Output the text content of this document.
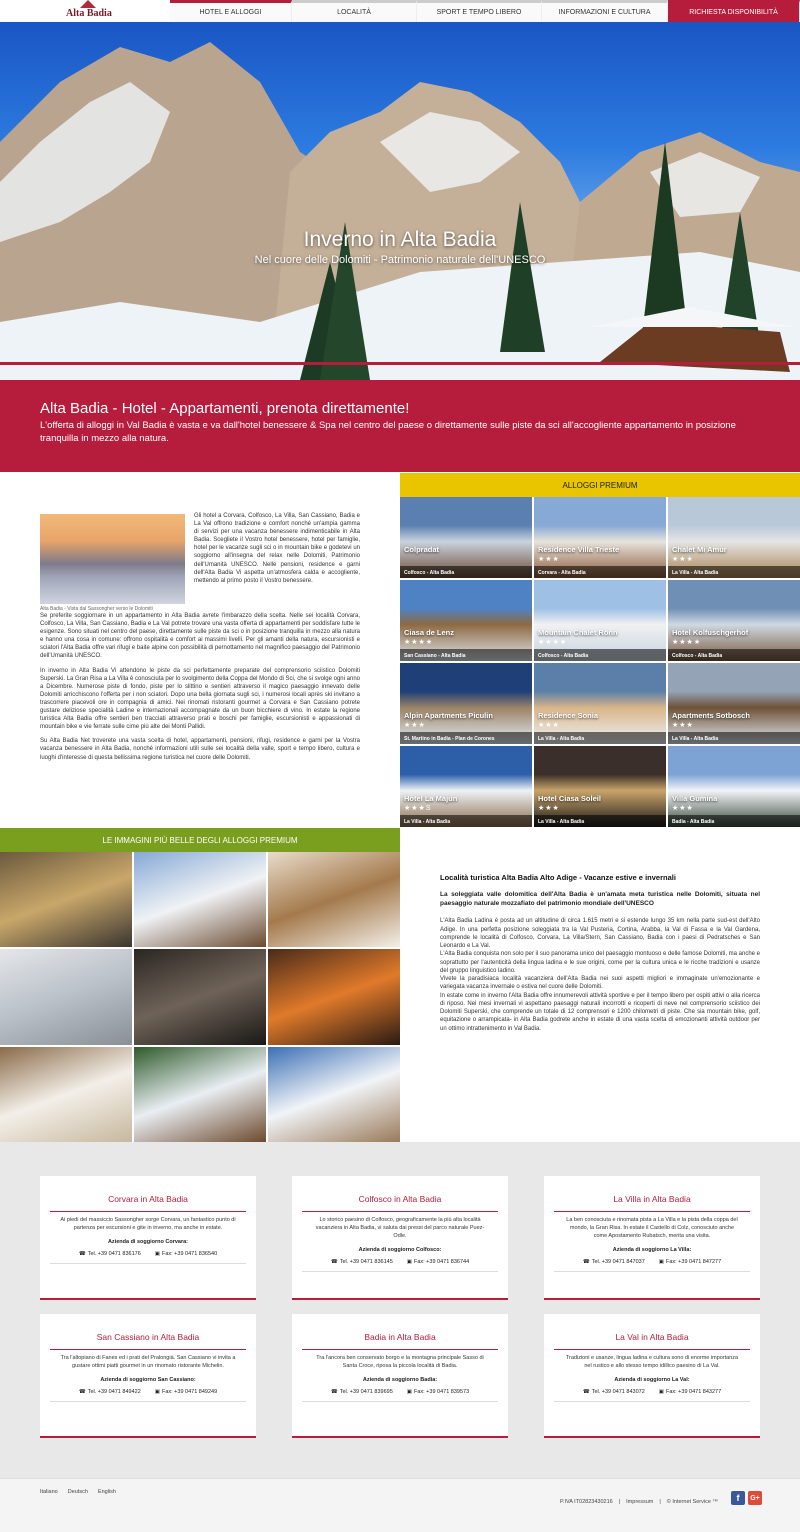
Alta Badia	HOTEL E ALLOGGI	LOCALITÀ	SPORT E TEMPO LIBERO	INFORMAZIONI E CULTURA	RICHIESTA DISPONIBILITÀ
Inverno in Alta Badia
Nel cuore delle Dolomiti - Patrimonio naturale dell'UNESCO
Alta Badia - Hotel - Appartamenti, prenota direttamente!

L'offerta di alloggi in Val Badia è vasta e va dall'hotel benessere & Spa nel centro del paese o direttamente sulle piste da sci all'accogliente appartamento in posizione tranquilla in mezzo alla natura.

Alta Badia - Vista dal Sassongher verso le Dolomiti
Gli hotel a Corvara, Colfosco, La Villa, San Cassiano, Badia e La Val offrono tradizione e comfort nonché un'ampia gamma di servizi per una vacanza benessere indimenticabile in Alta Badia. Scegliete il Vostro hotel benessere, hotel per famiglie, hotel per le vacanze sugli sci o in mountain bike e godetevi un soggiorno all'insegna del relax nelle Dolomiti, Patrimonio dell'Umanità UNESCO. Nelle pensioni, residence e garni dell'Alta Badia Vi aspetta un'atmosfera calda e accogliente, mettendo al primo posto il Vostro benessere.

Se preferite soggiornare in un appartamento in Alta Badia avrete l'imbarazzo della scelta. Nelle sei località Corvara, Colfosco, La Villa, San Cassiano, Badia e La Val potrete trovare una vasta offerta di appartamenti per soddisfare tutte le esigenze. Sono situati nel centro del paese, direttamente sulle piste da sci o in posizione tranquilla in mezzo alla natura e hanno una cosa in comune: offrono ospitalità e comfort ai massimi livelli. Per gli amanti della natura, escursionisti e sciatori l'Alta Badia offre vari rifugi e baite alpine con possibilità di pernottamento nel magnifico paesaggio del Patrimonio dell'Umanità UNESCO.

In inverno in Alta Badia Vi attendono le piste da sci perfettamente preparate del comprensorio sciistico Dolomiti Superski. La Gran Risa a La Villa è conosciuta per lo svolgimento della Coppa del Mondo di Sci, che si svolge ogni anno a Dicembre. Numerose piste di fondo, piste per lo slittino e sentieri attraverso il magico paesaggio innevato delle Dolomiti arricchiscono l'offerta per i non sciatori. Dopo una bella giornata sugli sci, i numerosi locali après ski invitano a trascorrere piacevoli ore in compagnia di amici. Nei rinomati ristoranti gourmet a Corvara e San Cassiano potrete gustare deliziose specialità Ladine e internazionali accompagnate da un buon bicchiere di vino. In estate la regione turistica Alta Badia offre sentieri ben tracciati attraverso prati e boschi per famiglie, escursionisti e appassionati di mountain bike e vie ferrate sulle cime più alte dei Monti Pallidi.

Su Alta Badia Net troverete una vasta scelta di hotel, appartamenti, pensioni, rifugi, residence e garni per la Vostra vacanza benessere in Alta Badia, nonché informazioni utili sulle sei località della valle, sport e tempo libero, cultura e luoghi d'interesse di questa bellissima regione turistica nel cuore delle Dolomiti.

ALLOGGI PREMIUM
Colpradat
Colfosco - Alta Badia
Residence Villa Trieste
★★★
Corvara - Alta Badia
Chalet Mi Amur
★★★
La Villa - Alta Badia
Ciasa de Lenz
★★★★
San Cassiano - Alta Badia
Mountain Chalet Rönn
★★★★
Colfosco - Alta Badia
Hotel Kolfuschgerhof
★★★★
Colfosco - Alta Badia
Alpin Apartments Piculin
★★★
St. Martino in Badia - Plan de Corones
Residence Sonia
★★★
La Villa - Alta Badia
Apartments Sotbosch
★★★
La Villa - Alta Badia
Hotel La Majun
★★★S
La Villa - Alta Badia
Hotel Ciasa Soleil
★★★
La Villa - Alta Badia
Villa Gumina
★★★
Badia - Alta Badia
LE IMMAGINI PIÙ BELLE DEGLI ALLOGGI PREMIUM
Località turistica Alta Badia Alto Adige - Vacanze estive e invernali
La soleggiata valle dolomitica dell'Alta Badia è un'amata meta turistica nelle Dolomiti, situata nel paesaggio naturale mozzafiato del patrimonio mondiale dell'UNESCO
L'Alta Badia Ladina è posta ad un altitudine di circa 1.615 metri e si estende lungo 35 km nella parte sud-est dell'Alto Adige. In una perfetta posizione soleggiata tra la Val Pusteria, Cortina, Arabba, la Val di Fassa e la Val Gardena, comprende le località di Colfosco, Corvara, La Villa/Stern, San Cassiano, Badia con i paesi di Pedratsches e San Leonardo e La Val.
L'Alta Badia conquista non solo per il suo panorama unico del paesaggio montuoso e delle famose Dolomiti, ma anche e soprattutto per l'autenticità della lingua ladina e le sue origini, come per la cultura unica e le ricche tradizioni e usanze del gruppo linguistico ladino.
Vivete la paradisiaca località vacanziera dell'Alta Badia nei suoi aspetti migliori e immaginate un'emozionante e variegata vacanza invernale o estiva nel cuore delle Dolomiti.
In estate come in inverno l'Alta Badia offre innumerevoli attività sportive e per il tempo libero per ospiti attivi o alla ricerca di riposo. Nei mesi invernali vi aspettano paesaggi naturali incorrotti e ricoperti di neve nel comprensorio sciistico dei Dolomiti Superski, che comprende un totale di 12 comprensori e 1200 chilometri di piste. Che sia mountain bike, golf, equitazione o arrampicata- in Alta Badia godrete anche in estate di una vasta scelta di emozionanti attività outdoor per un ottimo intrattenimento in Val Badia.
Corvara in Alta Badia

Ai piedi del massiccio Sassongher sorge Corvara, un fantastico punto di partenza per escursioni e gite in inverno, ma anche in estate.

Azienda di soggiorno Corvara:
☎ Tel. +39 0471 836176	▣ Fax: +39 0471 836540
Colfosco in Alta Badia

Lo storico paesino di Colfosco, geograficamente la più alta località vacanziera in Alta Badia, vi saluta dai pressi del parco naturale Puez- Odle.

Azienda di soggiorno Colfosco:
☎ Tel. +39 0471 836145	▣ Fax: +39 0471 836744
La Villa in Alta Badia

La ben conosciuta e rinomata pista a La Villa e la pista della coppa del mondo, la Gran Risa. In estate il Castello di Colz, conosciuto anche come Apostamento Rubatsch, merita una visita.

Azienda di soggiorno La Villa:
☎ Tel. +39 0471 847037	▣ Fax: +39 0471 847277
San Cassiano in Alta Badia

Tra l'altopiano di Fanes ed i prati del Pralongià. San Cassiano vi invita a gustare ottimi piatti gourmet in un rinomato ristorante Michelin.

Azienda di soggiorno San Cassiano:
☎ Tel. +39 0471 849422	▣ Fax: +39 0471 849249
Badia in Alta Badia

Tra l'ancora ben conservato borgo e la montagna principale Sasso di Santa Croce, riposa la piccola località di Badia.

Azienda di soggiorno Badia:
☎ Tel. +39 0471 839695	▣ Fax: +39 0471 839573
La Val in Alta Badia

Tradizioni e usanze, lingua ladina e cultura sono di enorme importanza nel rustico e allo stesso tempo idillico paesino di La Val.

Azienda di soggiorno La Val:
☎ Tel. +39 0471 843072	▣ Fax: +39 0471 843277
Italiano Deutsch English
P.IVA IT02823430216 | Impressum | © Internet Service ™	f	G+
